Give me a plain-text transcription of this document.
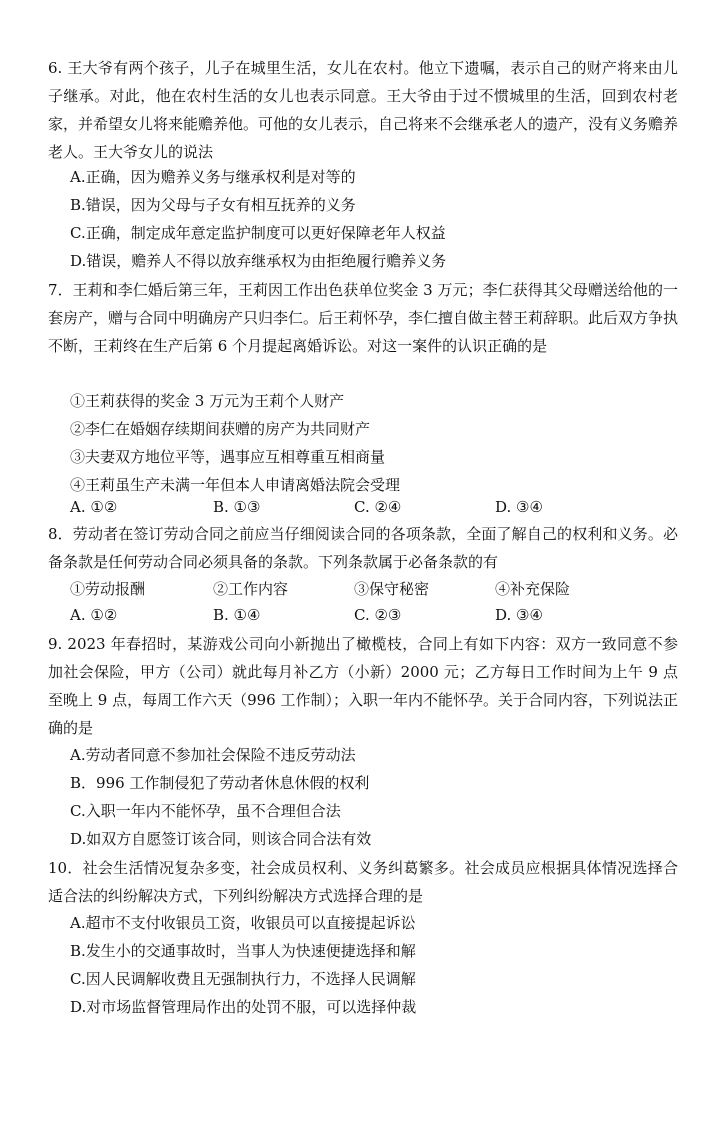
6. 王大爷有两个孩子，儿子在城里生活，女儿在农村。他立下遗嘱，表示自己的财产将来由儿子继承。对此，他在农村生活的女儿也表示同意。王大爷由于过不惯城里的生活，回到农村老家，并希望女儿将来能赡养他。可他的女儿表示，自己将来不会继承老人的遗产，没有义务赡养老人。王大爷女儿的说法
A.正确，因为赡养义务与继承权利是对等的
B.错误，因为父母与子女有相互抚养的义务
C.正确，制定成年意定监护制度可以更好保障老年人权益
D.错误，赡养人不得以放弃继承权为由拒绝履行赡养义务
7．王莉和李仁婚后第三年，王莉因工作出色获单位奖金 3 万元；李仁获得其父母赠送给他的一套房产，赠与合同中明确房产只归李仁。后王莉怀孕，李仁擅自做主替王莉辞职。此后双方争执不断，王莉终在生产后第 6 个月提起离婚诉讼。对这一案件的认识正确的是
①王莉获得的奖金 3 万元为王莉个人财产
②李仁在婚姻存续期间获赠的房产为共同财产
③夫妻双方地位平等，遇事应互相尊重互相商量
④王莉虽生产未满一年但本人申请离婚法院会受理
A. ①②	B. ①③	C. ②④	D. ③④
8．劳动者在签订劳动合同之前应当仔细阅读合同的各项条款，全面了解自己的权利和义务。必备条款是任何劳动合同必须具备的条款。下列条款属于必备条款的有
①劳动报酬	②工作内容	③保守秘密	④补充保险
A. ①②	B. ①④	C. ②③	D. ③④
9. 2023 年春招时，某游戏公司向小新抛出了橄榄枝，合同上有如下内容：双方一致同意不参加社会保险，甲方（公司）就此每月补乙方（小新）2000 元；乙方每日工作时间为上午 9 点至晚上 9 点，每周工作六天（996 工作制）；入职一年内不能怀孕。关于合同内容，下列说法正确的是
A.劳动者同意不参加社会保险不违反劳动法
B．996 工作制侵犯了劳动者休息休假的权利
C.入职一年内不能怀孕，虽不合理但合法
D.如双方自愿签订该合同，则该合同合法有效
10．社会生活情况复杂多变，社会成员权利、义务纠葛繁多。社会成员应根据具体情况选择合适合法的纠纷解决方式，下列纠纷解决方式选择合理的是
A.超市不支付收银员工资，收银员可以直接提起诉讼
B.发生小的交通事故时，当事人为快速便捷选择和解
C.因人民调解收费且无强制执行力，不选择人民调解
D.对市场监督管理局作出的处罚不服，可以选择仲裁
